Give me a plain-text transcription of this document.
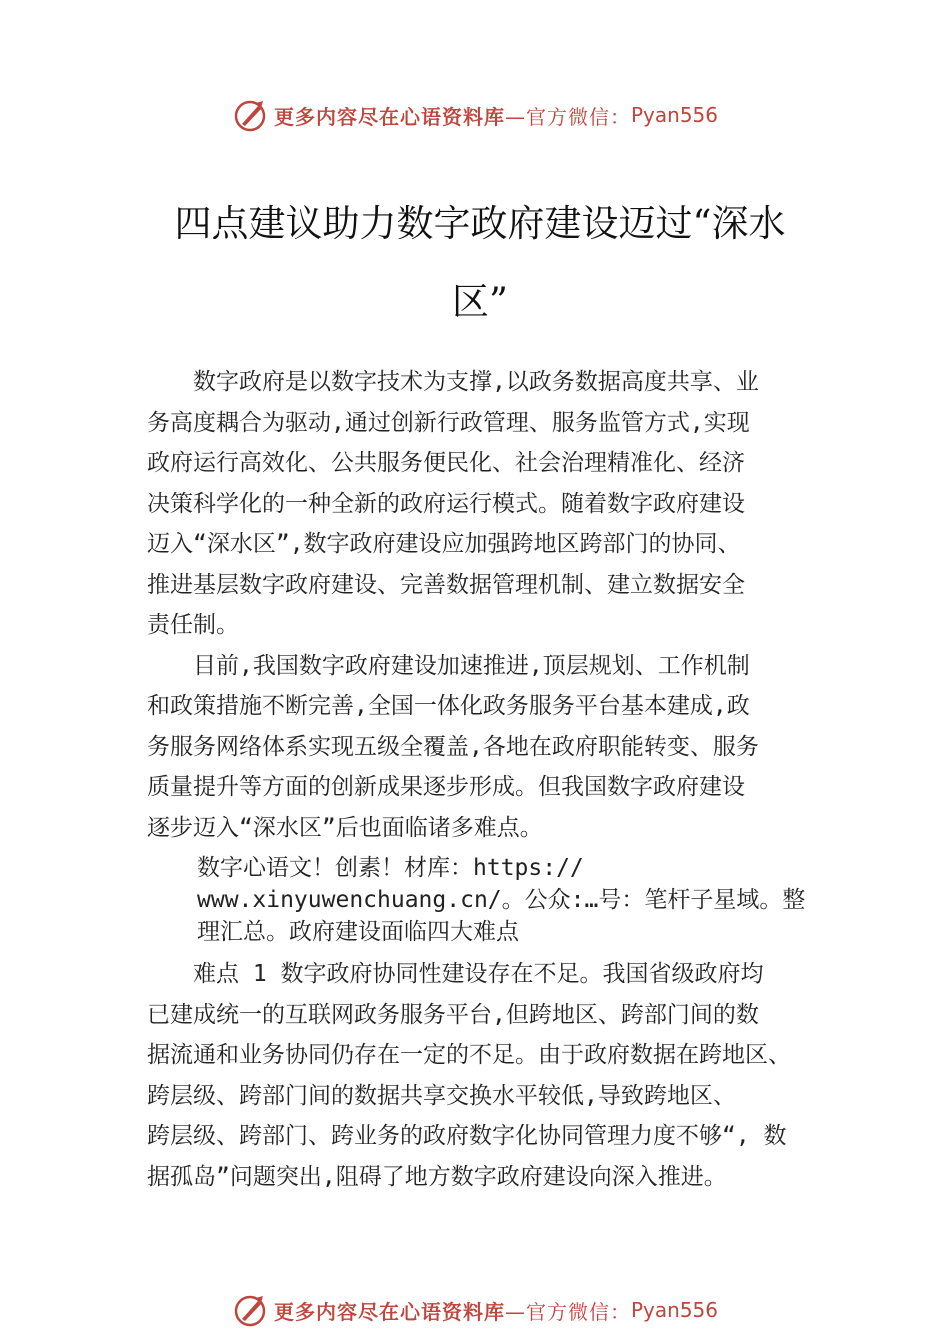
更多内容尽在心语资料库 —官方微信： Pyan556
四点建议助力数字政府建设迈过“深水
区”

数字政府是以数字技术为支撑,以政务数据高度共享、业
务高度耦合为驱动,通过创新行政管理、服务监管方式,实现
政府运行高效化、公共服务便民化、社会治理精准化、经济
决策科学化的一种全新的政府运行模式。随着数字政府建设
迈入“深水区”,数字政府建设应加强跨地区跨部门的协同、
推进基层数字政府建设、完善数据管理机制、建立数据安全
责任制。

目前,我国数字政府建设加速推进,顶层规划、工作机制
和政策措施不断完善,全国一体化政务服务平台基本建成,政
务服务网络体系实现五级全覆盖,各地在政府职能转变、服务
质量提升等方面的创新成果逐步形成。但我国数字政府建设
逐步迈入“深水区”后也面临诸多难点。

数字心语文！创素！材库：https://
www.xinyuwenchuang.cn/。公众:…号：笔杆子星域。整
理汇总。政府建设面临四大难点

难点 1 数字政府协同性建设存在不足。我国省级政府均
已建成统一的互联网政务服务平台,但跨地区、跨部门间的数
据流通和业务协同仍存在一定的不足。由于政府数据在跨地区、
跨层级、跨部门间的数据共享交换水平较低,导致跨地区、
跨层级、跨部门、跨业务的政府数字化协同管理力度不够“, 数
据孤岛”问题突出,阻碍了地方数字政府建设向深入推进。

更多内容尽在心语资料库 —官方微信： Pyan556
